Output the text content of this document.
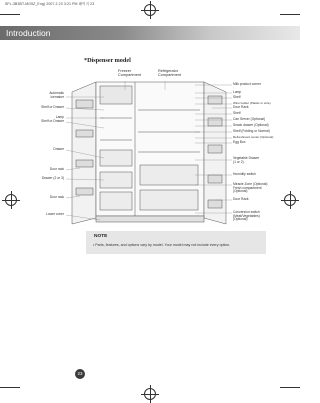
SFL-3B3BT-MG5Z_Eng) 2007.2.23 3:21 PM 페이지 23
Introduction
*Dispenser model
Freezer
Compartment
Refrigerator
Compartment
Automatic
Icemaker
Shelf or Drawer
Lamp
Shelf or Drawer
Drawer
Door rack
Drawer (2 or 3)
Door rack
Lower cover
Milk product corner
Lamp
Shelf
Wine holder (Plastic or wire)
Door Rack
Shelf
Can Server (Optional)
Snack drawer (Optional)
Shelf (Folding or Normal)
Refreshment center (Optional)
Egg Box
Vegetable Drawer
(1 or 2)
Humidity switch
Miracle Zone (Optional)
Fresh compartment
(Optional)
Door Rack
Conversion switch
(Meat/Vegetables)
(Optional)
NOTE
• Parts, features, and options vary by model. Your model may not include every option.
23
